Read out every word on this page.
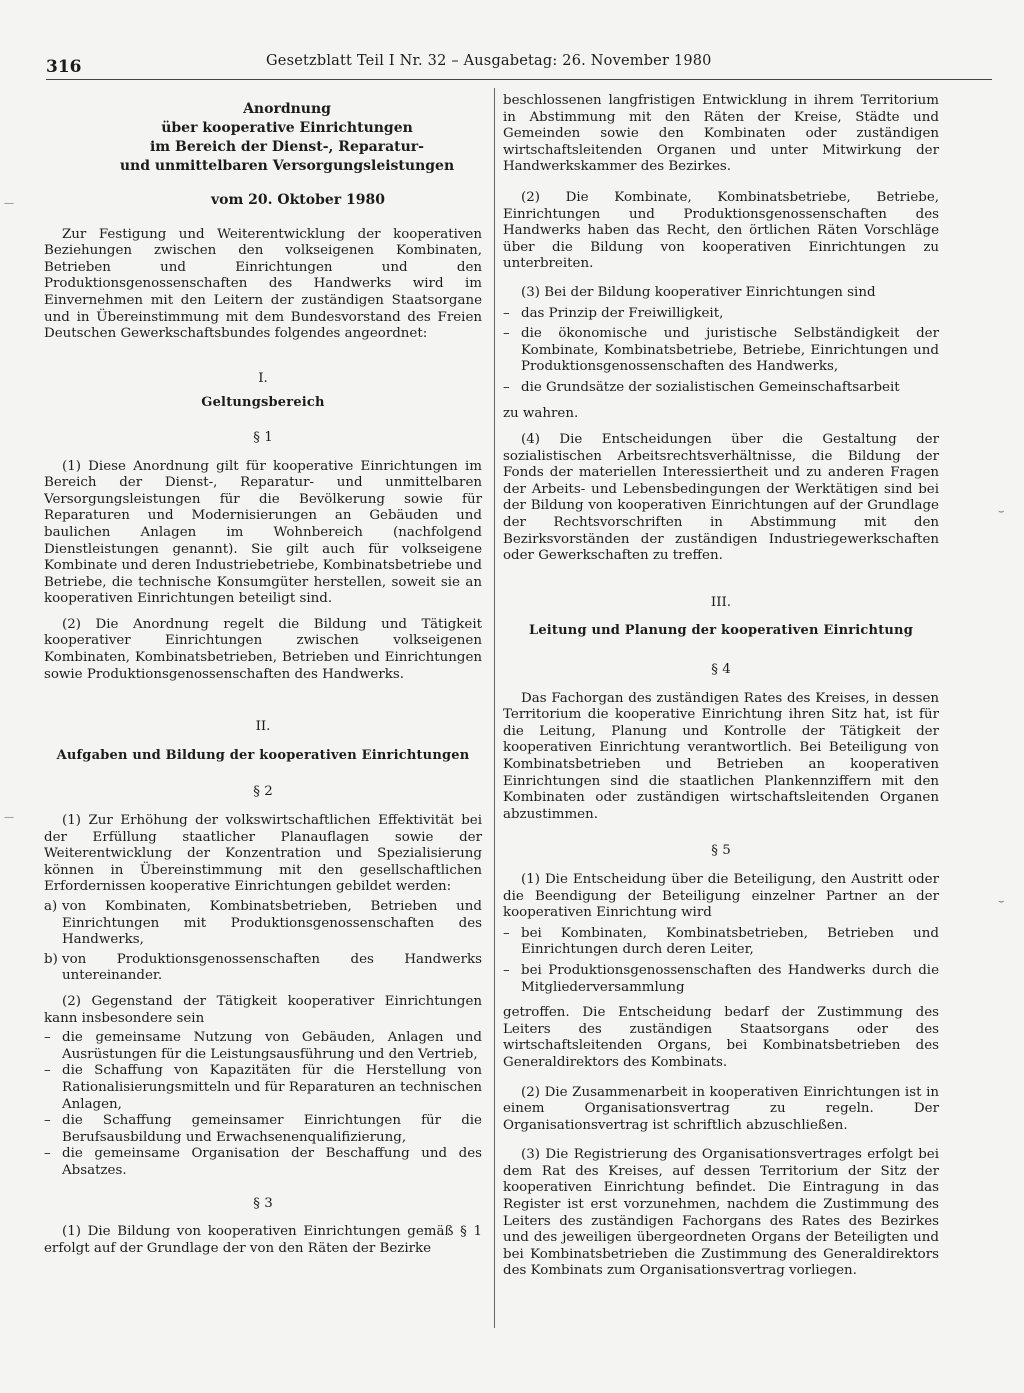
316	Gesetzblatt Teil I Nr. 32 – Ausgabetag: 26. November 1980
—
—
⌣
⌣

Anordnung

über kooperative Einrichtungen

im Bereich der Dienst-, Reparatur-

und unmittelbaren Versorgungsleistungen

vom 20. Oktober 1980

Zur Festigung und Weiterentwicklung der kooperativen Beziehungen zwischen den volkseigenen Kombinaten, Betrieben und Einrichtungen und den Produktionsgenossenschaften des Handwerks wird im Einvernehmen mit den Leitern der zuständigen Staatsorgane und in Übereinstimmung mit dem Bundesvorstand des Freien Deutschen Gewerkschaftsbundes folgendes angeordnet:

I.

Geltungsbereich

§ 1

(1) Diese Anordnung gilt für kooperative Einrichtungen im Bereich der Dienst-, Reparatur- und unmittelbaren Versorgungsleistungen für die Bevölkerung sowie für Reparaturen und Modernisierungen an Gebäuden und baulichen Anlagen im Wohnbereich (nachfolgend Dienstleistungen genannt). Sie gilt auch für volkseigene Kombinate und deren Industriebetriebe, Kombinatsbetriebe und Betriebe, die technische Konsumgüter herstellen, soweit sie an kooperativen Einrichtungen beteiligt sind.

(2) Die Anordnung regelt die Bildung und Tätigkeit kooperativer Einrichtungen zwischen volkseigenen Kombinaten, Kombinatsbetrieben, Betrieben und Einrichtungen sowie Produktionsgenossenschaften des Handwerks.

II.

Aufgaben und Bildung der kooperativen Einrichtungen

§ 2

(1) Zur Erhöhung der volkswirtschaftlichen Effektivität bei der Erfüllung staatlicher Planauflagen sowie der Weiterentwicklung der Konzentration und Spezialisierung können in Übereinstimmung mit den gesellschaftlichen Erfordernissen kooperative Einrichtungen gebildet werden:

a) von Kombinaten, Kombinatsbetrieben, Betrieben und Einrichtungen mit Produktionsgenossenschaften des Handwerks,
b) von Produktionsgenossenschaften des Handwerks untereinander.

(2) Gegenstand der Tätigkeit kooperativer Einrichtungen kann insbesondere sein

– die gemeinsame Nutzung von Gebäuden, Anlagen und Ausrüstungen für die Leistungsausführung und den Vertrieb,
– die Schaffung von Kapazitäten für die Herstellung von Rationalisierungsmitteln und für Reparaturen an technischen Anlagen,
– die Schaffung gemeinsamer Einrichtungen für die Berufsausbildung und Erwachsenenqualifizierung,
– die gemeinsame Organisation der Beschaffung und des Absatzes.

§ 3

(1) Die Bildung von kooperativen Einrichtungen gemäß § 1 erfolgt auf der Grundlage der von den Räten der Bezirke

beschlossenen langfristigen Entwicklung in ihrem Territorium in Abstimmung mit den Räten der Kreise, Städte und Gemeinden sowie den Kombinaten oder zuständigen wirtschaftsleitenden Organen und unter Mitwirkung der Handwerkskammer des Bezirkes.

(2) Die Kombinate, Kombinatsbetriebe, Betriebe, Einrichtungen und Produktionsgenossenschaften des Handwerks haben das Recht, den örtlichen Räten Vorschläge über die Bildung von kooperativen Einrichtungen zu unterbreiten.

(3) Bei der Bildung kooperativer Einrichtungen sind

– das Prinzip der Freiwilligkeit,
– die ökonomische und juristische Selbständigkeit der Kombinate, Kombinatsbetriebe, Betriebe, Einrichtungen und Produktionsgenossenschaften des Handwerks,
– die Grundsätze der sozialistischen Gemeinschaftsarbeit

zu wahren.

(4) Die Entscheidungen über die Gestaltung der sozialistischen Arbeitsrechtsverhältnisse, die Bildung der Fonds der materiellen Interessiertheit und zu anderen Fragen der Arbeits- und Lebensbedingungen der Werktätigen sind bei der Bildung von kooperativen Einrichtungen auf der Grundlage der Rechtsvorschriften in Abstimmung mit den Bezirksvorständen der zuständigen Industriegewerkschaften oder Gewerkschaften zu treffen.

III.

Leitung und Planung der kooperativen Einrichtung

§ 4

Das Fachorgan des zuständigen Rates des Kreises, in dessen Territorium die kooperative Einrichtung ihren Sitz hat, ist für die Leitung, Planung und Kontrolle der Tätigkeit der kooperativen Einrichtung verantwortlich. Bei Beteiligung von Kombinatsbetrieben und Betrieben an kooperativen Einrichtungen sind die staatlichen Plankennziffern mit den Kombinaten oder zuständigen wirtschaftsleitenden Organen abzustimmen.

§ 5

(1) Die Entscheidung über die Beteiligung, den Austritt oder die Beendigung der Beteiligung einzelner Partner an der kooperativen Einrichtung wird

– bei Kombinaten, Kombinatsbetrieben, Betrieben und Einrichtungen durch deren Leiter,
– bei Produktionsgenossenschaften des Handwerks durch die Mitgliederversammlung

getroffen. Die Entscheidung bedarf der Zustimmung des Leiters des zuständigen Staatsorgans oder des wirtschaftsleitenden Organs, bei Kombinatsbetrieben des Generaldirektors des Kombinats.

(2) Die Zusammenarbeit in kooperativen Einrichtungen ist in einem Organisationsvertrag zu regeln. Der Organisationsvertrag ist schriftlich abzuschließen.

(3) Die Registrierung des Organisationsvertrages erfolgt bei dem Rat des Kreises, auf dessen Territorium der Sitz der kooperativen Einrichtung befindet. Die Eintragung in das Register ist erst vorzunehmen, nachdem die Zustimmung des Leiters des zuständigen Fachorgans des Rates des Bezirkes und des jeweiligen übergeordneten Organs der Beteiligten und bei Kombinatsbetrieben die Zustimmung des Generaldirektors des Kombinats zum Organisationsvertrag vorliegen.
